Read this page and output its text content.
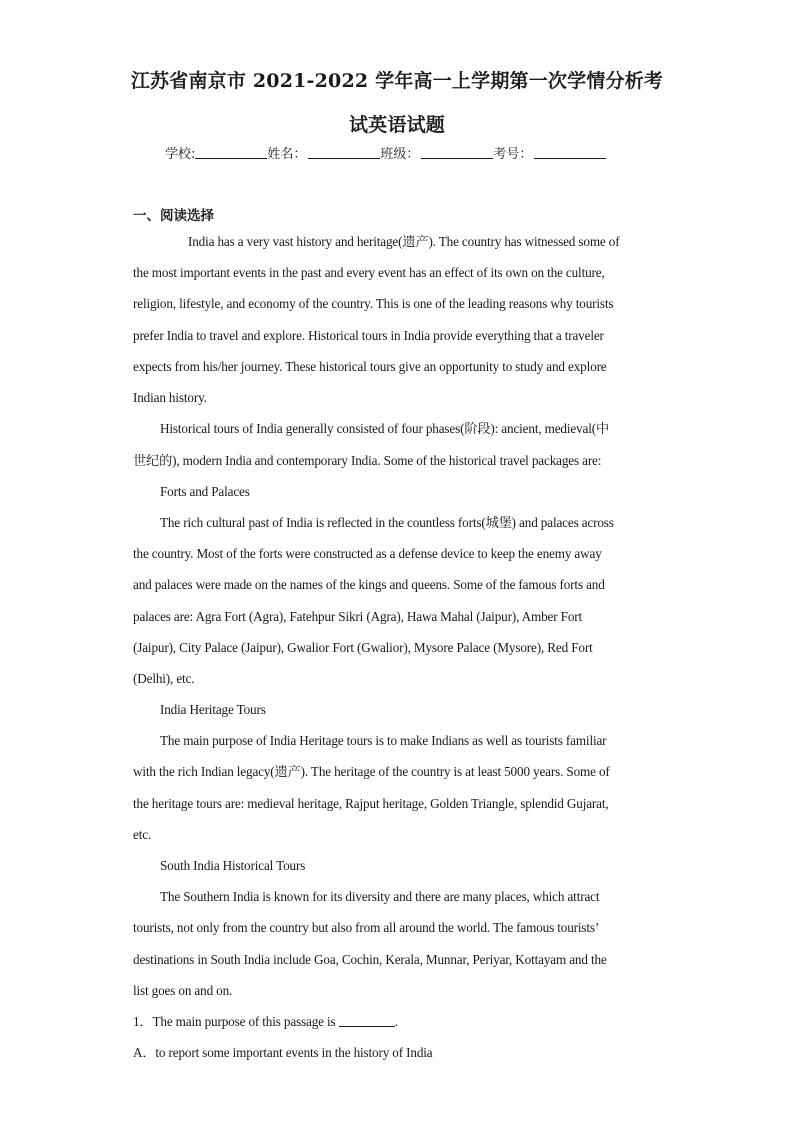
江苏省南京市 2021-2022 学年高一上学期第一次学情分析考
试英语试题
学校:	姓名：	班级：	考号：
一、阅读选择
India has a very vast history and heritage(遗产). The country has witnessed some of
the most important events in the past and every event has an effect of its own on the culture,
religion, lifestyle, and economy of the country. This is one of the leading reasons why tourists
prefer India to travel and explore. Historical tours in India provide everything that a traveler
expects from his/her journey. These historical tours give an opportunity to study and explore
Indian history.
Historical tours of India generally consisted of four phases(阶段): ancient, medieval(中
世纪的), modern India and contemporary India. Some of the historical travel packages are:
Forts and Palaces
The rich cultural past of India is reflected in the countless forts(城堡) and palaces across
the country. Most of the forts were constructed as a defense device to keep the enemy away
and palaces were made on the names of the kings and queens. Some of the famous forts and
palaces are: Agra Fort (Agra), Fatehpur Sikri (Agra), Hawa Mahal (Jaipur), Amber Fort
(Jaipur), City Palace (Jaipur), Gwalior Fort (Gwalior), Mysore Palace (Mysore), Red Fort
(Delhi), etc.
India Heritage Tours
The main purpose of India Heritage tours is to make Indians as well as tourists familiar
with the rich Indian legacy(遗产). The heritage of the country is at least 5000 years. Some of
the heritage tours are: medieval heritage, Rajput heritage, Golden Triangle, splendid Gujarat,
etc.
South India Historical Tours
The Southern India is known for its diversity and there are many places, which attract
tourists, not only from the country but also from all around the world. The famous tourists’
destinations in South India include Goa, Cochin, Kerala, Munnar, Periyar, Kottayam and the
list goes on and on.
1．The main purpose of this passage is	.
A．to report some important events in the history of India
